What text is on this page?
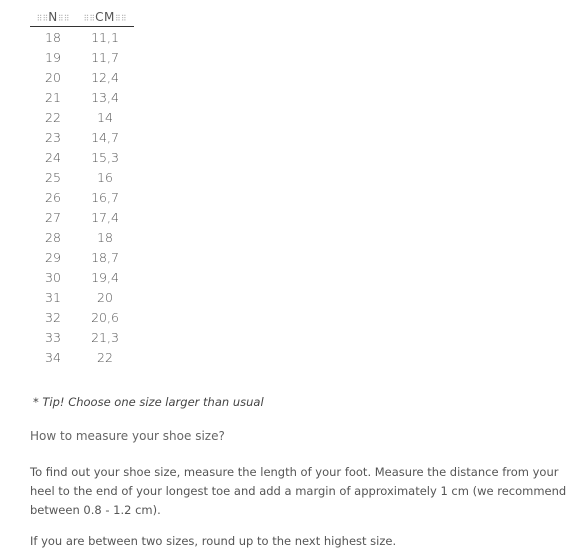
⠿⠿N⠿⠿	⠿⠿CM⠿⠿
18	11,1
19	11,7
20	12,4
21	13,4
22	14
23	14,7
24	15,3
25	16
26	16,7
27	17,4
28	18
29	18,7
30	19,4
31	20
32	20,6
33	21,3
34	22
* Tip! Choose one size larger than usual
How to measure your shoe size?
To find out your shoe size, measure the length of your foot. Measure the distance from your heel to the end of your longest toe and add a margin of approximately 1 cm (we recommend between 0.8 - 1.2 cm).
If you are between two sizes, round up to the next highest size.
